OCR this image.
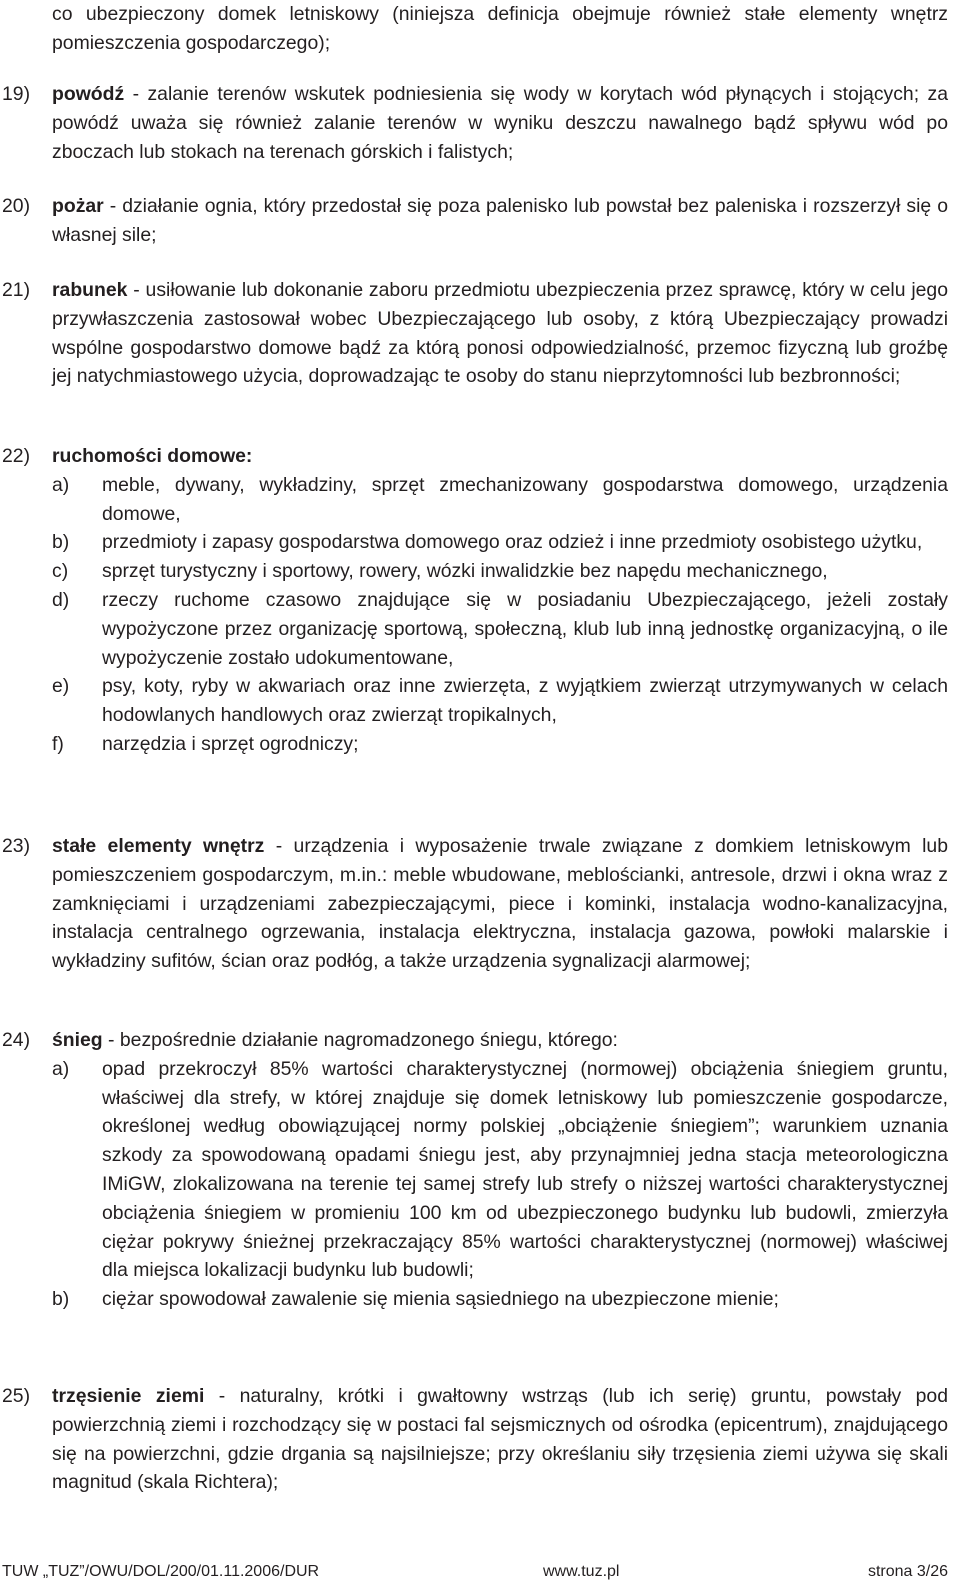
co ubezpieczony domek letniskowy (niniejsza definicja obejmuje również stałe elementy wnętrz pomieszczenia gospodarczego);
19) powódź - zalanie terenów wskutek podniesienia się wody w korytach wód płynących i stojących; za powódź uważa się również zalanie terenów w wyniku deszczu nawalnego bądź spływu wód po zboczach lub stokach na terenach górskich i falistych;
20) pożar - działanie ognia, który przedostał się poza palenisko lub powstał bez paleniska i rozszerzył się o własnej sile;
21) rabunek - usiłowanie lub dokonanie zaboru przedmiotu ubezpieczenia przez sprawcę, który w celu jego przywłaszczenia zastosował wobec Ubezpieczającego lub osoby, z którą Ubezpieczający prowadzi wspólne gospodarstwo domowe bądź za którą ponosi odpowiedzialność, przemoc fizyczną lub groźbę jej natychmiastowego użycia, doprowadzając te osoby do stanu nieprzytomności lub bezbronności;
22) ruchomości domowe:
a) meble, dywany, wykładziny, sprzęt zmechanizowany gospodarstwa domowego, urządzenia domowe,
b) przedmioty i zapasy gospodarstwa domowego oraz odzież i inne przedmioty osobistego użytku,
c) sprzęt turystyczny i sportowy, rowery, wózki inwalidzkie bez napędu mechanicznego,
d) rzeczy ruchome czasowo znajdujące się w posiadaniu Ubezpieczającego, jeżeli zostały wypożyczone przez organizację sportową, społeczną, klub lub inną jednostkę organizacyjną, o ile wypożyczenie zostało udokumentowane,
e) psy, koty, ryby w akwariach oraz inne zwierzęta, z wyjątkiem zwierząt utrzymywanych w celach hodowlanych handlowych oraz zwierząt tropikalnych,
f) narzędzia i sprzęt ogrodniczy;
23) stałe elementy wnętrz - urządzenia i wyposażenie trwale związane z domkiem letniskowym lub pomieszczeniem gospodarczym, m.in.: meble wbudowane, meblościanki, antresole, drzwi i okna wraz z zamknięciami i urządzeniami zabezpieczającymi, piece i kominki, instalacja wodno-kanalizacyjna, instalacja centralnego ogrzewania, instalacja elektryczna, instalacja gazowa, powłoki malarskie i wykładziny sufitów, ścian oraz podłóg, a także urządzenia sygnalizacji alarmowej;
24) śnieg - bezpośrednie działanie nagromadzonego śniegu, którego:
a) opad przekroczył 85% wartości charakterystycznej (normowej) obciążenia śniegiem gruntu, właściwej dla strefy, w której znajduje się domek letniskowy lub pomieszczenie gospodarcze, określonej według obowiązującej normy polskiej „obciążenie śniegiem”; warunkiem uznania szkody za spowodowaną opadami śniegu jest, aby przynajmniej jedna stacja meteorologiczna IMiGW, zlokalizowana na terenie tej samej strefy lub strefy o niższej wartości charakterystycznej obciążenia śniegiem w promieniu 100 km od ubezpieczonego budynku lub budowli, zmierzyła ciężar pokrywy śnieżnej przekraczający 85% wartości charakterystycznej (normowej) właściwej dla miejsca lokalizacji budynku lub budowli;
b) ciężar spowodował zawalenie się mienia sąsiedniego na ubezpieczone mienie;
25) trzęsienie ziemi - naturalny, krótki i gwałtowny wstrząs (lub ich serię) gruntu, powstały pod powierzchnią ziemi i rozchodzący się w postaci fal sejsmicznych od ośrodka (epicentrum), znajdującego się na powierzchni, gdzie drgania są najsilniejsze; przy określaniu siły trzęsienia ziemi używa się skali magnitud (skala Richtera);
TUW „TUZ”/OWU/DOL/200/01.11.2006/DUR	www.tuz.pl	strona 3/26
